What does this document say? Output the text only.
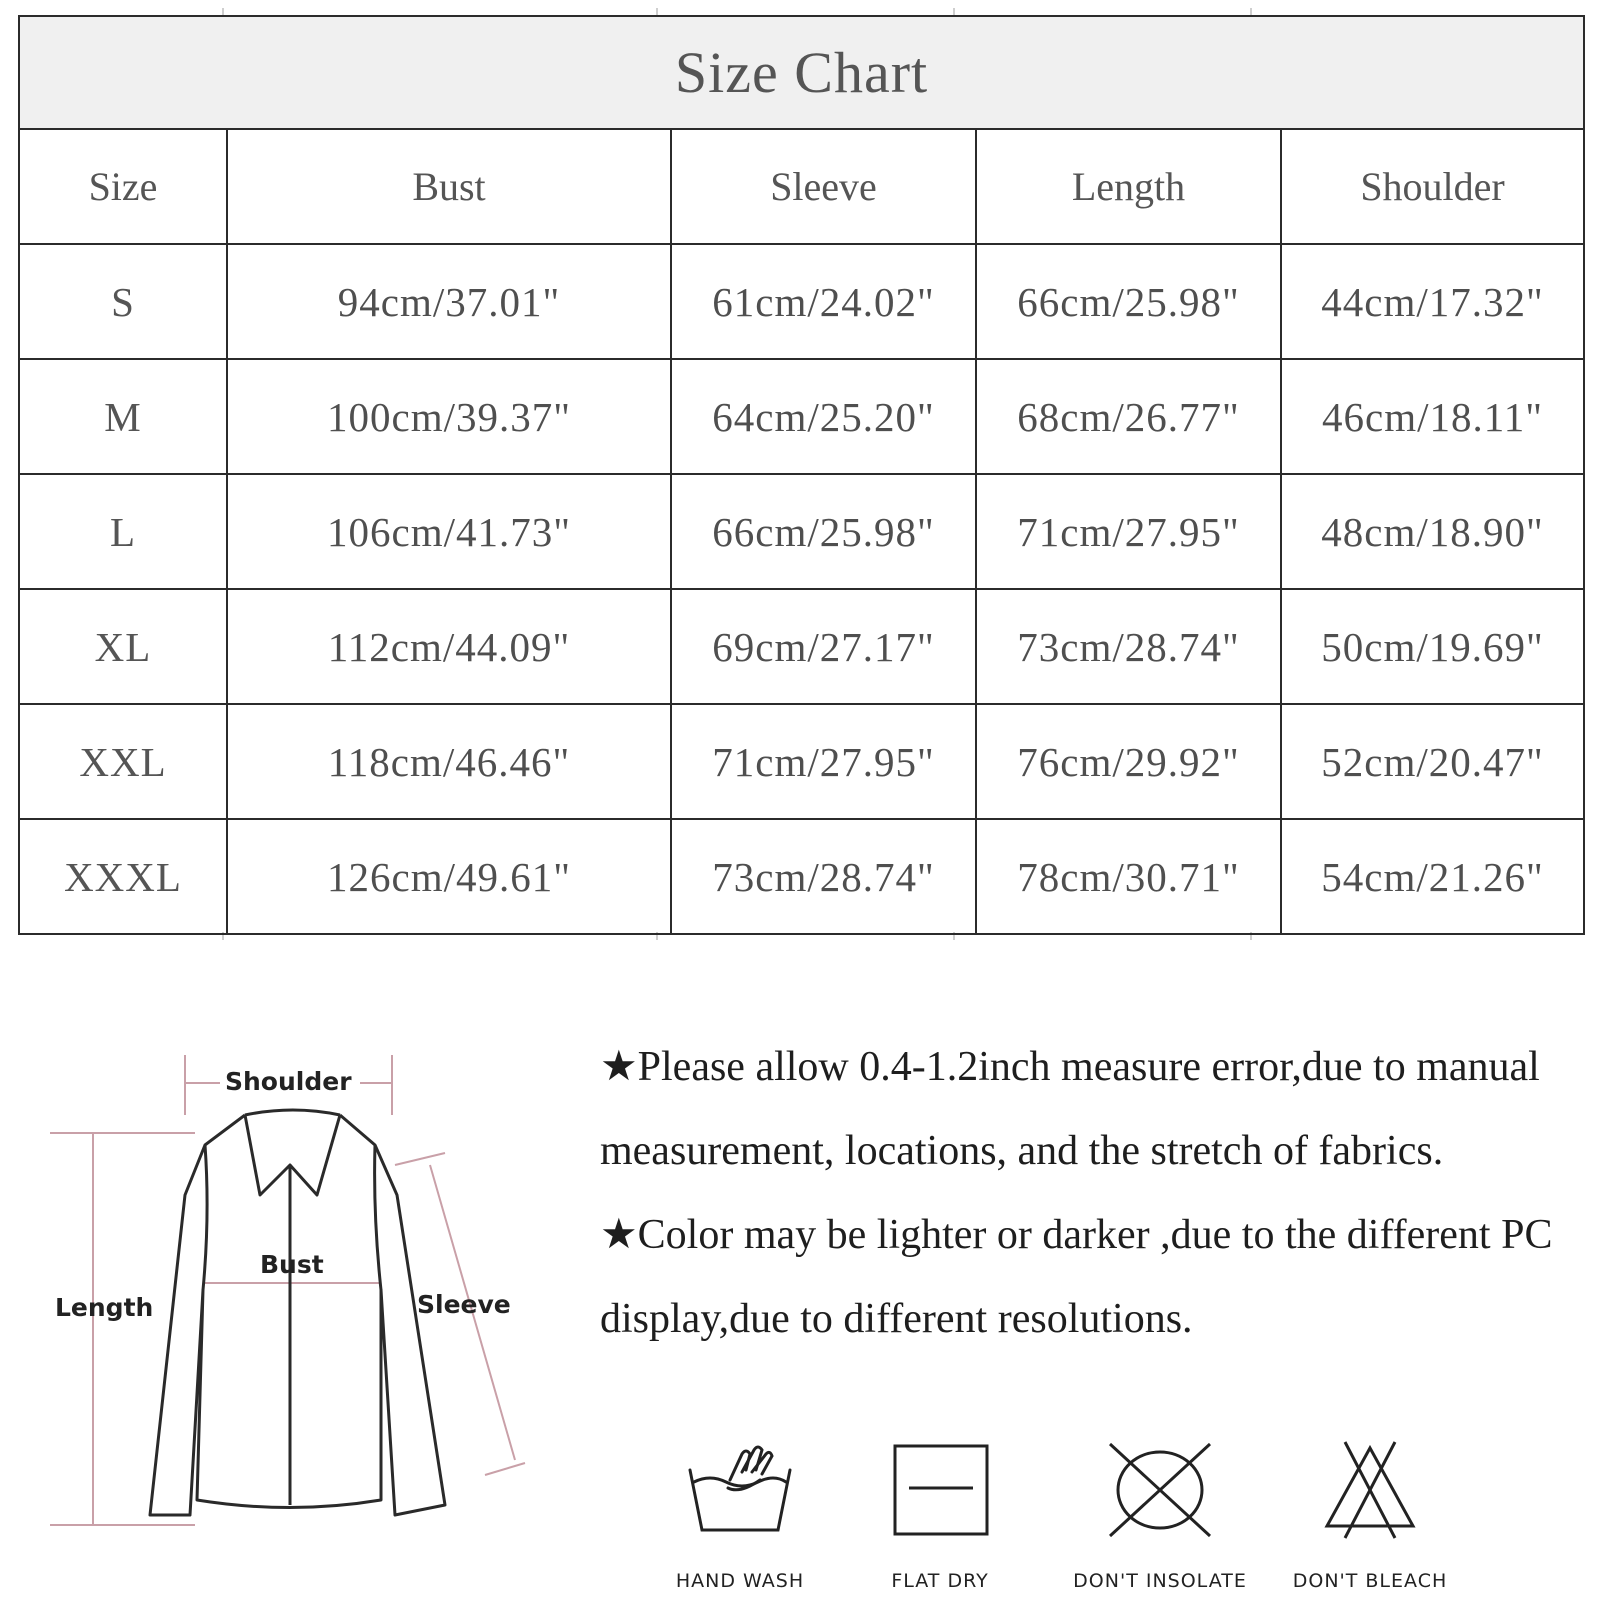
Size Chart				
Size	Bust	Sleeve	Length	Shoulder
S	94cm/37.01"	61cm/24.02"	66cm/25.98"	44cm/17.32"
M	100cm/39.37"	64cm/25.20"	68cm/26.77"	46cm/18.11"
L	106cm/41.73"	66cm/25.98"	71cm/27.95"	48cm/18.90"
XL	112cm/44.09"	69cm/27.17"	73cm/28.74"	50cm/19.69"
XXL	118cm/46.46"	71cm/27.95"	76cm/29.92"	52cm/20.47"
XXXL	126cm/49.61"	73cm/28.74"	78cm/30.71"	54cm/21.26"
Shoulder
Bust
Length	Sleeve

★Please allow 0.4-1.2inch measure error,due to manual measurement, locations, and the stretch of fabrics.

★Color may be lighter or darker ,due to the different PC display,due to different resolutions.

HAND WASH	FLAT DRY	DON'T INSOLATE	DON'T BLEACH
